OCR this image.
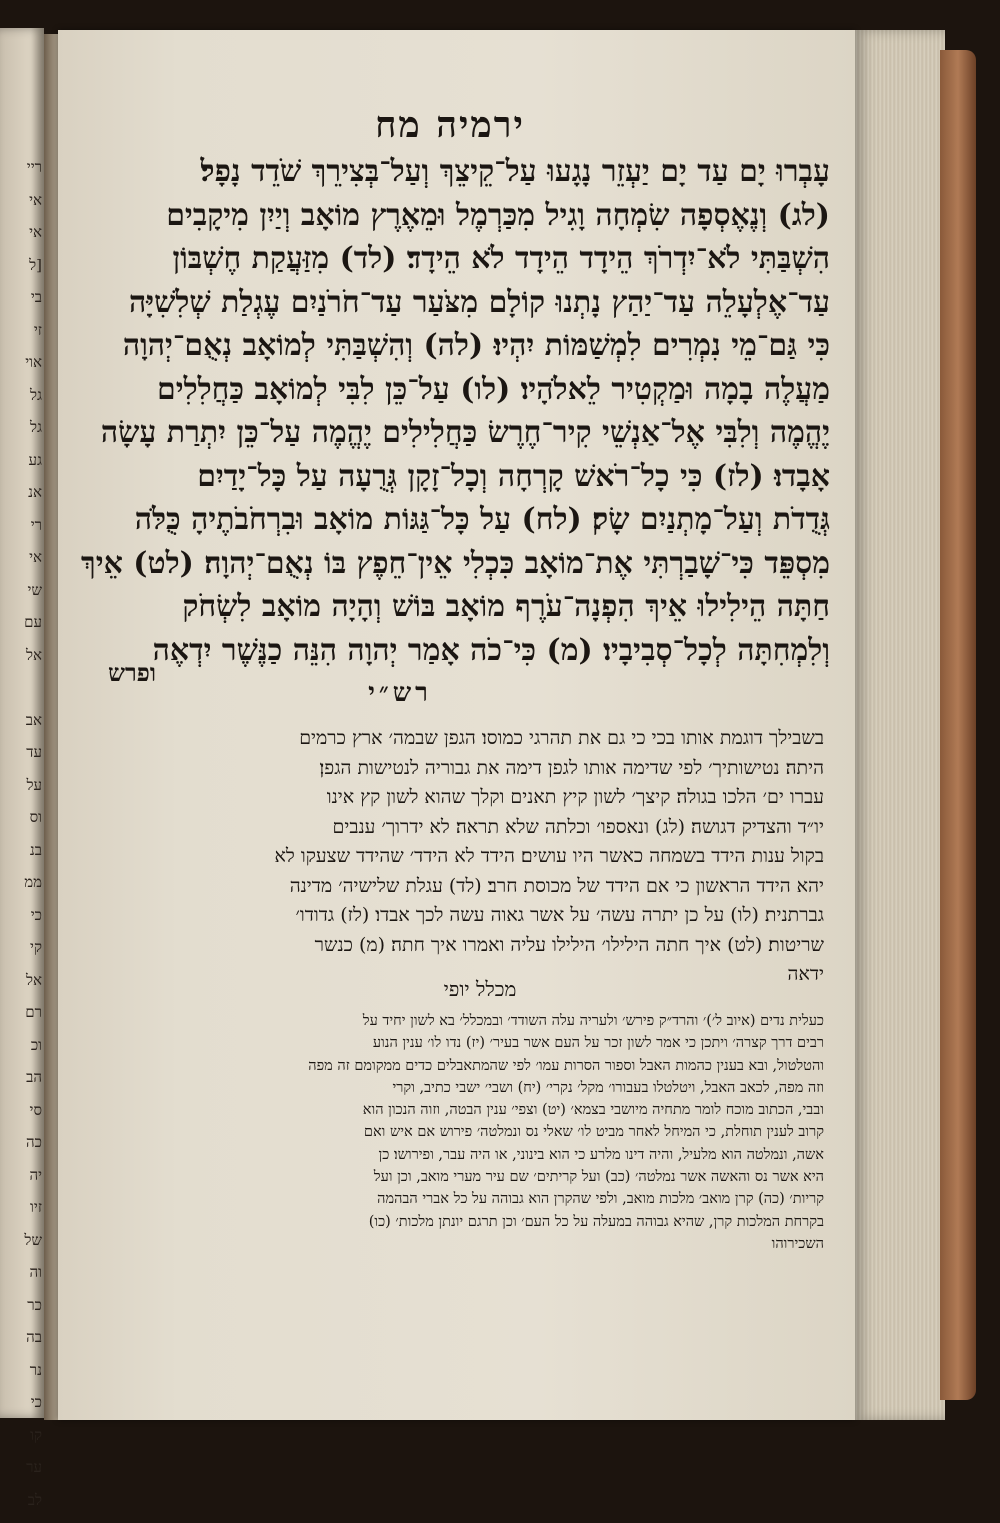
ריי
אי
אי
[ל
בי
זי
אוי
גל
גל
גע
אנ
רי
אי
שי
עם
אל
אב
עד
על
וס
בנ
ממ
כי
קי
אל
רם
וכ
הב
סי
כה
יה
זיו
של
וה
כר
בה
נר
כי
קו
ער
לב
ירמיה מח
עָבְרוּ יָם עַד יָם יַעְזֵר נָגָעוּ עַל־קֵיצֵךְ וְעַל־בְּצִירֵךְ שֹׁדֵד נָפָל׃
(לג) וְנֶאֶסְפָה שִׂמְחָה וָגִיל מִכַּרְמֶל וּמֵאֶרֶץ מוֹאָב וְיַיִן מִיקָבִים
הִשְׁבַּתִּי לֹא־יִדְרֹךְ הֵידָד הֵידָד לֹא הֵידָד׃ (לד) מִזַּעֲקַת חֶשְׁבּוֹן
עַד־אֶלְעָלֵה עַד־יַהַץ נָתְנוּ קוֹלָם מִצֹּעַר עַד־חֹרֹנַיִם עֶגְלַת שְׁלִשִׁיָּה
כִּי גַּם־מֵי נִמְרִים לִמְשַׁמּוֹת יִהְיוּ׃ (לה) וְהִשְׁבַּתִּי לְמוֹאָב נְאֻם־יְהוָה
מַעֲלֶה בָמָה וּמַקְטִיר לֵאלֹהָיו׃ (לו) עַל־כֵּן לִבִּי לְמוֹאָב כַּחֲלִלִים
יֶהֱמֶה וְלִבִּי אֶל־אַנְשֵׁי קִיר־חֶרֶשׂ כַּחֲלִילִים יֶהֱמֶה עַל־כֵּן יִתְרַת עָשָׂה
אָבָדוּ׃ (לז) כִּי כָל־רֹאשׁ קָרְחָה וְכָל־זָקָן גְּרֻעָה עַל כָּל־יָדַיִם
גְּדֻדֹת וְעַל־מָתְנַיִם שָׂק׃ (לח) עַל כָּל־גַּגּוֹת מוֹאָב וּבִרְחֹבֹתֶיהָ כֻּלֹּה
מִסְפֵּד כִּי־שָׁבַרְתִּי אֶת־מוֹאָב כִּכְלִי אֵין־חֵפֶץ בּוֹ נְאֻם־יְהוָה׃ (לט) אֵיךְ
חַתָּה הֵילִילוּ אֵיךְ הִפְנָה־עֹרֶף מוֹאָב בּוֹשׁ וְהָיָה מוֹאָב לִשְׂחֹק
וְלִמְחִתָּה לְכָל־סְבִיבָיו׃ (מ) כִּי־כֹה אָמַר יְהוָה הִנֵּה כַנֶּשֶׁר יִדְאֶה
ופרש
רש״י
בשבילך דוגמת אותו בכי כי גם את תהרגי כמוסו׃ הגפן שבמה׳ ארץ כרמים
היתה׃ נטישותיך׳ לפי שדימה אותו לגפן דימה את גבוריה לנטישות הגפן׃
עברו ים׳ הלכו בגולה׃ קיצך׳ לשון קיץ תאנים וקלך שהוא לשון קץ אינו
יו״ד והצדיק דגושה׃ (לג) ונאספו׳ וכלתה שלא תראה׃ לא ידרוך׳ ענבים
בקול ענות הידד בשמחה כאשר היו עושים׃ הידד לא הידד׳ שהידד שצעקו לא
יהא הידד הראשון כי אם הידד של מכוסת חרב׃ (לד) עגלת שלישיה׳ מדינה
גברתנית׃ (לו) על כן יתרה עשה׳ על אשר גאוה עשה לכך אבדו׃ (לז) גדודו׳
שריטות׃ (לט) איך חתה הילילו׳ הילילו עליה ואמרו איך חתה׃ (מ) כנשר
ידאה
מכלל יופי
כעלית נדים (איוב ל׳)׳ והרד״ק פירש׳ ולעריה עלה השודד׳ ובמכלל׳ בא לשון יחיד על
רבים דרך קצרה׳ ויתכן כי אמר לשון זכר על העם אשר בעיר׳ (יז) נדו לו׳ ענין הנוע
והטלטול, ובא בענין כהמות האבל וספור הסרות עמו׳ לפי שהמתאבלים כדים ממקומם זה מפה
וזה מפה, לכאב האבל, ויטלטלו בעבורו׳ מקל׳ נקרי׳ (יח) ושבי׳ ישבי כתיב, וקרי
ובבי, הכתוב מוכח לומר מתחיה מיושבי בצמא׳ (יט) וצפי׳ ענין הבטה, וזוה הנכון הוא
קרוב לענין תוחלת, כי המיחל לאחר מביט לו׳ שאלי נס ונמלטה׳ פירוש אם איש ואם
אשה, ונמלטה הוא מלעיל, והיה דינו מלרע כי הוא בינוני, או היה עבר, ופירושו׃ כן
היא אשר נס והאשה אשר נמלטה׳ (כב) ועל קריתים׳ שם עיר מערי מואב, וכן ועל
קריות׳ (כה) קרן מואב׳ מלכות מואב, ולפי שהקרן הוא גבוהה על כל אברי הבהמה
בקרחת המלכות קרן, שהיא גבוהה במעלה על כל העם׳ וכן תרגם יונתן מלכות׳ (כו)
השכירוהו
